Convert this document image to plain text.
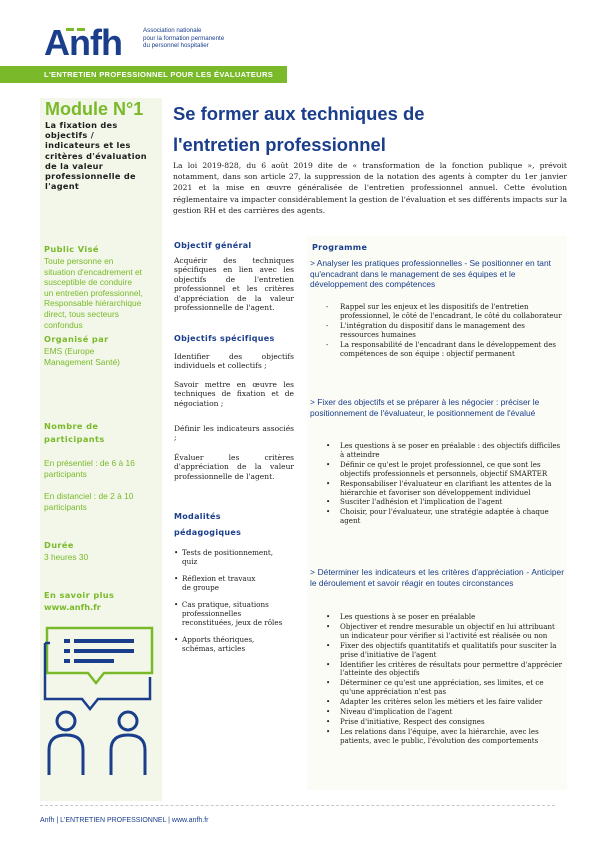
Anfh	Association nationale
pour la formation permanente
du personnel hospitalier
L'ENTRETIEN PROFESSIONNEL POUR LES ÉVALUATEURS
Module N°1
La fixation des
objectifs /
indicateurs et les
critères d'évaluation
de la valeur
professionnelle de
l'agent
Public Visé
Toute personne en
situation d'encadrement et
susceptible de conduire
un entretien professionnel,
Responsable hiérarchique
direct, tous secteurs
confondus
Organisé par
EMS (Europe
Management Santé)
Nombre de
participants
En présentiel : de 6 à 16
participants
En distanciel : de 2 à 10
participants
Durée
3 heures 30
En savoir plus
www.anfh.fr
Se former aux techniques de
l'entretien professionnel
La loi 2019-828, du 6 août 2019 dite de « transformation de la fonction publique », prévoit notamment, dans son article 27, la suppression de la notation des agents à compter du 1er janvier 2021 et la mise en œuvre généralisée de l'entretien professionnel annuel. Cette évolution réglementaire va impacter considérablement la gestion de l'évaluation et ses différents impacts sur la gestion RH et des carrières des agents.
Objectif général
Acquérir des techniques spécifiques en lien avec les objectifs de l'entretien professionnel et les critères d'appréciation de la valeur professionnelle de l'agent.
Objectifs spécifiques
Identifier des objectifs individuels et collectifs ;
Savoir mettre en œuvre les techniques de fixation et de négociation ;
Définir les indicateurs associés ;
Évaluer les critères d'appréciation de la valeur professionnelle de l'agent.
Modalités
pédagogiques
• Tests de positionnement, quiz
• Réflexion et travaux de groupe
• Cas pratique, situations professionnelles reconstituées, jeux de rôles
• Apports théoriques, schémas, articles
Programme
> Analyser les pratiques professionnelles - Se positionner en tant qu'encadrant dans le management de ses équipes et le développement des compétences
-	Rappel sur les enjeux et les dispositifs de l'entretien professionnel, le côté de l'encadrant, le côté du collaborateur
-	L'intégration du dispositif dans le management des ressources humaines
-	La responsabilité de l'encadrant dans le développement des compétences de son équipe : objectif permanent
> Fixer des objectifs et se préparer à les négocier : préciser le positionnement de l'évaluateur, le positionnement de l'évalué
•	Les questions à se poser en préalable : des objectifs difficiles à atteindre
•	Définir ce qu'est le projet professionnel, ce que sont les objectifs professionnels et personnels, objectif SMARTER
•	Responsabiliser l'évaluateur en clarifiant les attentes de la hiérarchie et favoriser son développement individuel
•	Susciter l'adhésion et l'implication de l'agent
•	Choisir, pour l'évaluateur, une stratégie adaptée à chaque agent
> Déterminer les indicateurs et les critères d'appréciation - Anticiper le déroulement et savoir réagir en toutes circonstances
•	Les questions à se poser en préalable
•	Objectiver et rendre mesurable un objectif en lui attribuant un indicateur pour vérifier si l'activité est réalisée ou non
•	Fixer des objectifs quantitatifs et qualitatifs pour susciter la prise d'initiative de l'agent
•	Identifier les critères de résultats pour permettre d'apprécier l'atteinte des objectifs
•	Déterminer ce qu'est une appréciation, ses limites, et ce qu'une appréciation n'est pas
•	Adapter les critères selon les métiers et les faire valider
•	Niveau d'implication de l'agent
•	Prise d'initiative, Respect des consignes
•	Les relations dans l'équipe, avec la hiérarchie, avec les patients, avec le public, l'évolution des comportements
Anfh | L'ENTRETIEN PROFESSIONNEL | www.anfh.fr
